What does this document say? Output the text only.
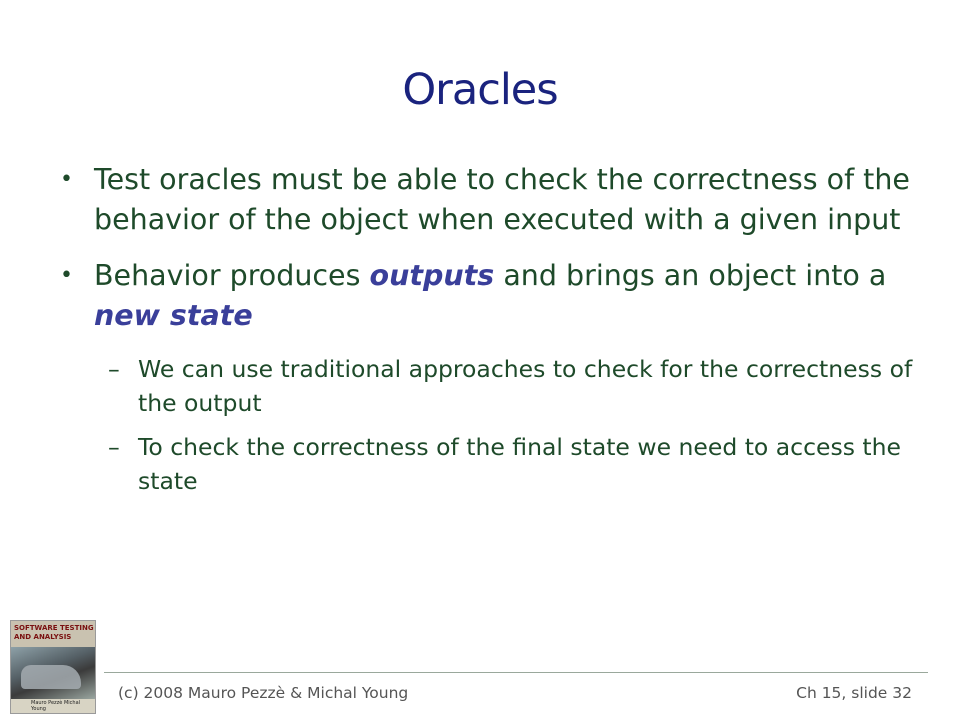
Oracles
• Test oracles must be able to check the correctness of the behavior of the object when executed with a given input
• Behavior produces outputs and brings an object into a new state
– We can use traditional approaches to check for the correctness of the output
– To check the correctness of the final state we need to access the state
SOFTWARE TESTING AND ANALYSIS
Mauro Pezzè Michal Young
(c) 2008 Mauro Pezzè & Michal Young	Ch 15, slide 32
